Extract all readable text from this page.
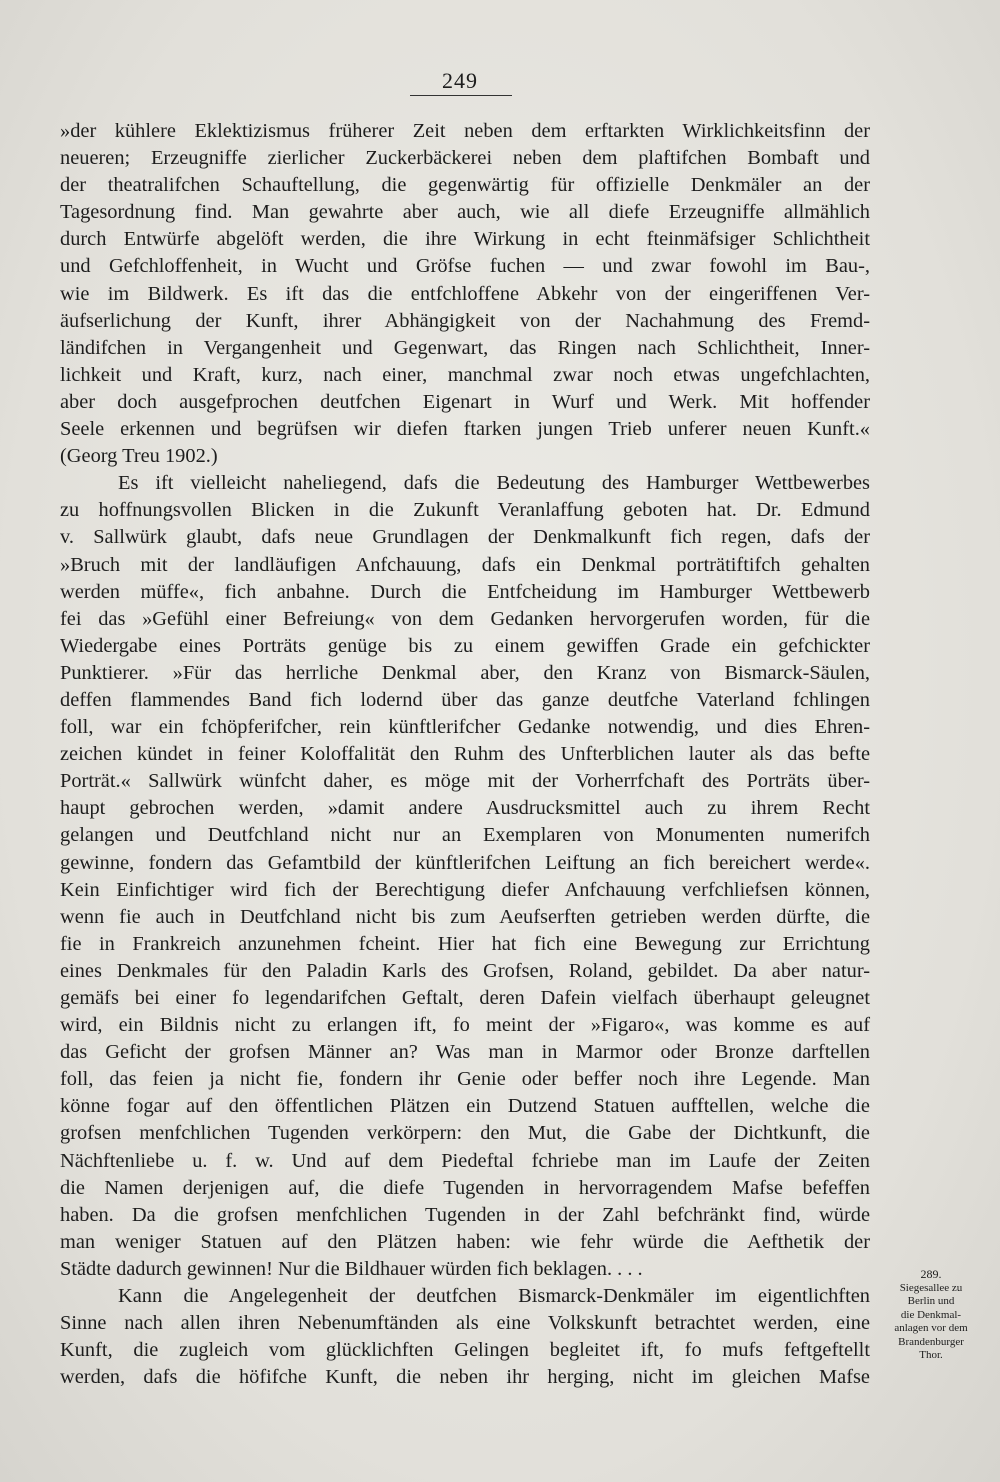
249
»der kühlere Eklektizismus früherer Zeit neben dem erftarkten Wirklichkeitsfinn der
neueren; Erzeugniffe zierlicher Zuckerbäckerei neben dem plaftifchen Bombaft und
der theatralifchen Schauftellung, die gegenwärtig für offizielle Denkmäler an der
Tagesordnung find. Man gewahrte aber auch, wie all diefe Erzeugniffe allmählich
durch Entwürfe abgelöft werden, die ihre Wirkung in echt fteinmäfsiger Schlichtheit
und Gefchloffenheit, in Wucht und Gröfse fuchen — und zwar fowohl im Bau-,
wie im Bildwerk. Es ift das die entfchloffene Abkehr von der eingeriffenen Ver-
äufserlichung der Kunft, ihrer Abhängigkeit von der Nachahmung des Fremd-
ländifchen in Vergangenheit und Gegenwart, das Ringen nach Schlichtheit, Inner-
lichkeit und Kraft, kurz, nach einer, manchmal zwar noch etwas ungefchlachten,
aber doch ausgefprochen deutfchen Eigenart in Wurf und Werk. Mit hoffender
Seele erkennen und begrüfsen wir diefen ftarken jungen Trieb unferer neuen Kunft.«
(Georg Treu 1902.)
Es ift vielleicht naheliegend, dafs die Bedeutung des Hamburger Wettbewerbes
zu hoffnungsvollen Blicken in die Zukunft Veranlaffung geboten hat. Dr. Edmund
v. Sallwürk glaubt, dafs neue Grundlagen der Denkmalkunft fich regen, dafs der
»Bruch mit der landläufigen Anfchauung, dafs ein Denkmal porträtiftifch gehalten
werden müffe«, fich anbahne. Durch die Entfcheidung im Hamburger Wettbewerb
fei das »Gefühl einer Befreiung« von dem Gedanken hervorgerufen worden, für die
Wiedergabe eines Porträts genüge bis zu einem gewiffen Grade ein gefchickter
Punktierer. »Für das herrliche Denkmal aber, den Kranz von Bismarck-Säulen,
deffen flammendes Band fich lodernd über das ganze deutfche Vaterland fchlingen
foll, war ein fchöpferifcher, rein künftlerifcher Gedanke notwendig, und dies Ehren-
zeichen kündet in feiner Koloffalität den Ruhm des Unfterblichen lauter als das befte
Porträt.« Sallwürk wünfcht daher, es möge mit der Vorherrfchaft des Porträts über-
haupt gebrochen werden, »damit andere Ausdrucksmittel auch zu ihrem Recht
gelangen und Deutfchland nicht nur an Exemplaren von Monumenten numerifch
gewinne, fondern das Gefamtbild der künftlerifchen Leiftung an fich bereichert werde«.
Kein Einfichtiger wird fich der Berechtigung diefer Anfchauung verfchliefsen können,
wenn fie auch in Deutfchland nicht bis zum Aeufserften getrieben werden dürfte, die
fie in Frankreich anzunehmen fcheint. Hier hat fich eine Bewegung zur Errichtung
eines Denkmales für den Paladin Karls des Grofsen, Roland, gebildet. Da aber natur-
gemäfs bei einer fo legendarifchen Geftalt, deren Dafein vielfach überhaupt geleugnet
wird, ein Bildnis nicht zu erlangen ift, fo meint der »Figaro«, was komme es auf
das Geficht der grofsen Männer an? Was man in Marmor oder Bronze darftellen
foll, das feien ja nicht fie, fondern ihr Genie oder beffer noch ihre Legende. Man
könne fogar auf den öffentlichen Plätzen ein Dutzend Statuen aufftellen, welche die
grofsen menfchlichen Tugenden verkörpern: den Mut, die Gabe der Dichtkunft, die
Nächftenliebe u. f. w. Und auf dem Piedeftal fchriebe man im Laufe der Zeiten
die Namen derjenigen auf, die diefe Tugenden in hervorragendem Mafse befeffen
haben. Da die grofsen menfchlichen Tugenden in der Zahl befchränkt find, würde
man weniger Statuen auf den Plätzen haben: wie fehr würde die Aefthetik der
Städte dadurch gewinnen! Nur die Bildhauer würden fich beklagen. . . .
Kann die Angelegenheit der deutfchen Bismarck-Denkmäler im eigentlichften
Sinne nach allen ihren Nebenumftänden als eine Volkskunft betrachtet werden, eine
Kunft, die zugleich vom glücklichften Gelingen begleitet ift, fo mufs feftgeftellt
werden, dafs die höfifche Kunft, die neben ihr herging, nicht im gleichen Mafse
289.
Siegesallee zu
Berlin und
die Denkmal-
anlagen vor dem
Brandenburger
Thor.
